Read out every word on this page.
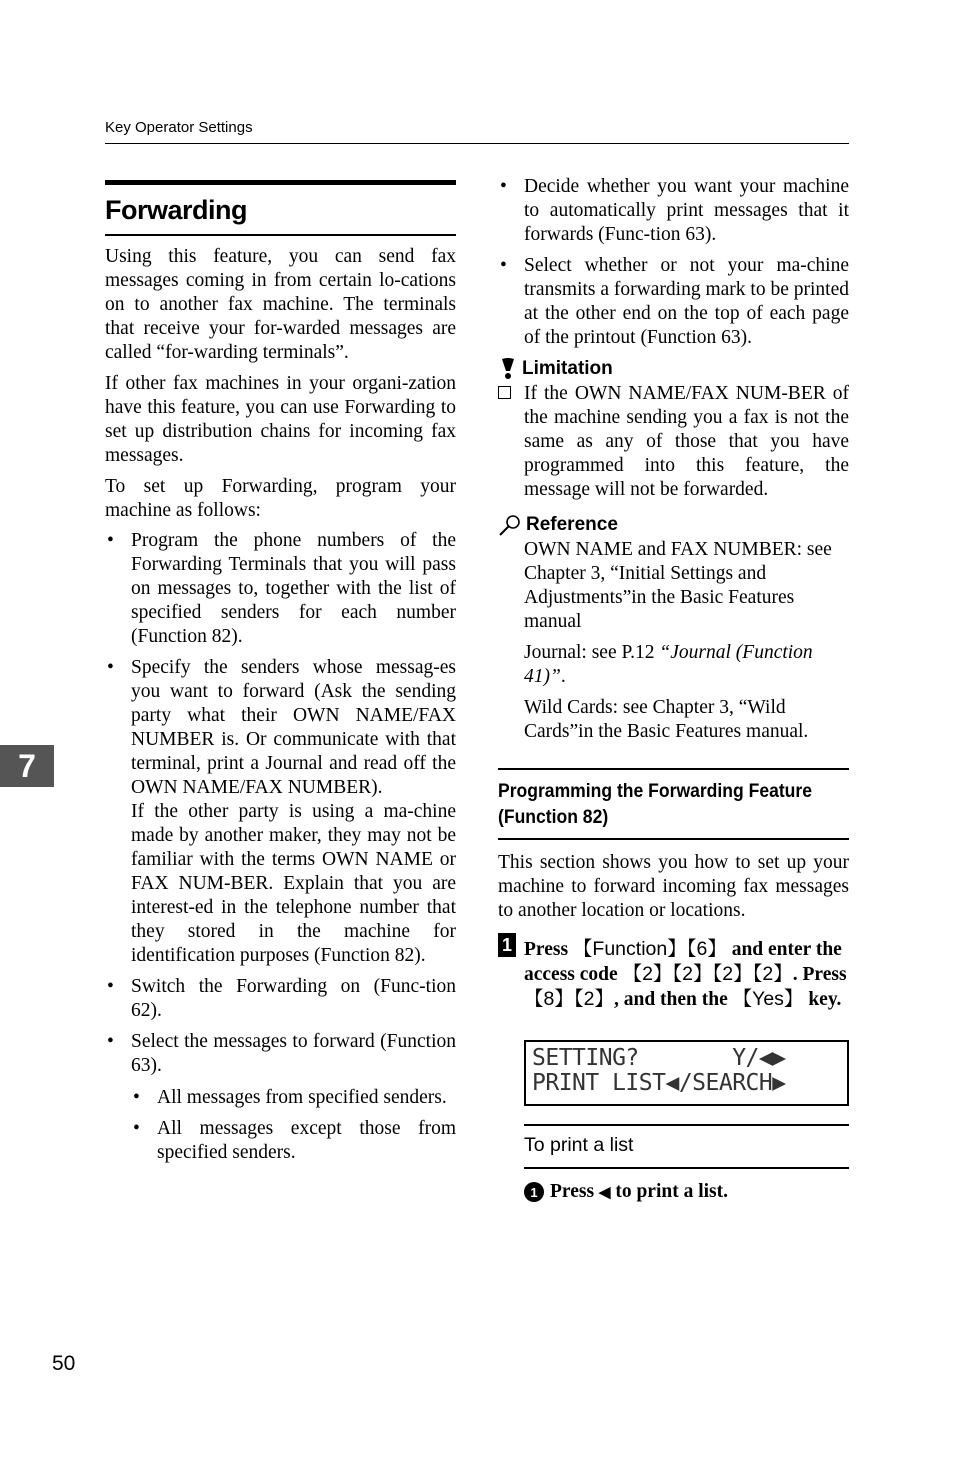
Key Operator Settings
7
Forwarding

Using this feature, you can send fax messages coming in from certain lo-cations on to another fax machine. The terminals that receive your for-warded messages are called “for-warding terminals”.

If other fax machines in your organi-zation have this feature, you can use Forwarding to set up distribution chains for incoming fax messages.

To set up Forwarding, program your machine as follows:

• Program the phone numbers of the Forwarding Terminals that you will pass on messages to, together with the list of specified senders for each number (Function 82).
• Specify the senders whose messag-es you want to forward (Ask the sending party what their OWN NAME/FAX NUMBER is. Or communicate with that terminal, print a Journal and read off the OWN NAME/FAX NUMBER).
If the other party is using a ma-chine made by another maker, they may not be familiar with the terms OWN NAME or FAX NUM-BER. Explain that you are interest-ed in the telephone number that they stored in the machine for identification purposes (Function 82).
• Switch the Forwarding on (Func-tion 62).
• Select the messages to forward (Function 63).
• All messages from specified senders.
• All messages except those from specified senders.
• Decide whether you want your machine to automatically print messages that it forwards (Func-tion 63).
• Select whether or not your ma-chine transmits a forwarding mark to be printed at the other end on the top of each page of the printout (Function 63).
Limitation
If the OWN NAME/FAX NUM-BER of the machine sending you a fax is not the same as any of those that you have programmed into this feature, the message will not be forwarded.
Reference
OWN NAME and FAX NUMBER: see Chapter 3, “Initial Settings and Adjustments”in the Basic Features manual
Journal: see P.12 “Journal (Function 41)”.
Wild Cards: see Chapter 3, “Wild Cards”in the Basic Features manual.
Programming the Forwarding Feature (Function 82)

This section shows you how to set up your machine to forward incoming fax messages to another location or locations.

1 Press 【Function】【6】 and enter the access code 【2】【2】【2】【2】. Press 【8】【2】, and then the 【Yes】 key.
SETTING?       Y/◀▶
PRINT LIST◀/SEARCH▶
To print a list
1 Press ◀ to print a list.
50
